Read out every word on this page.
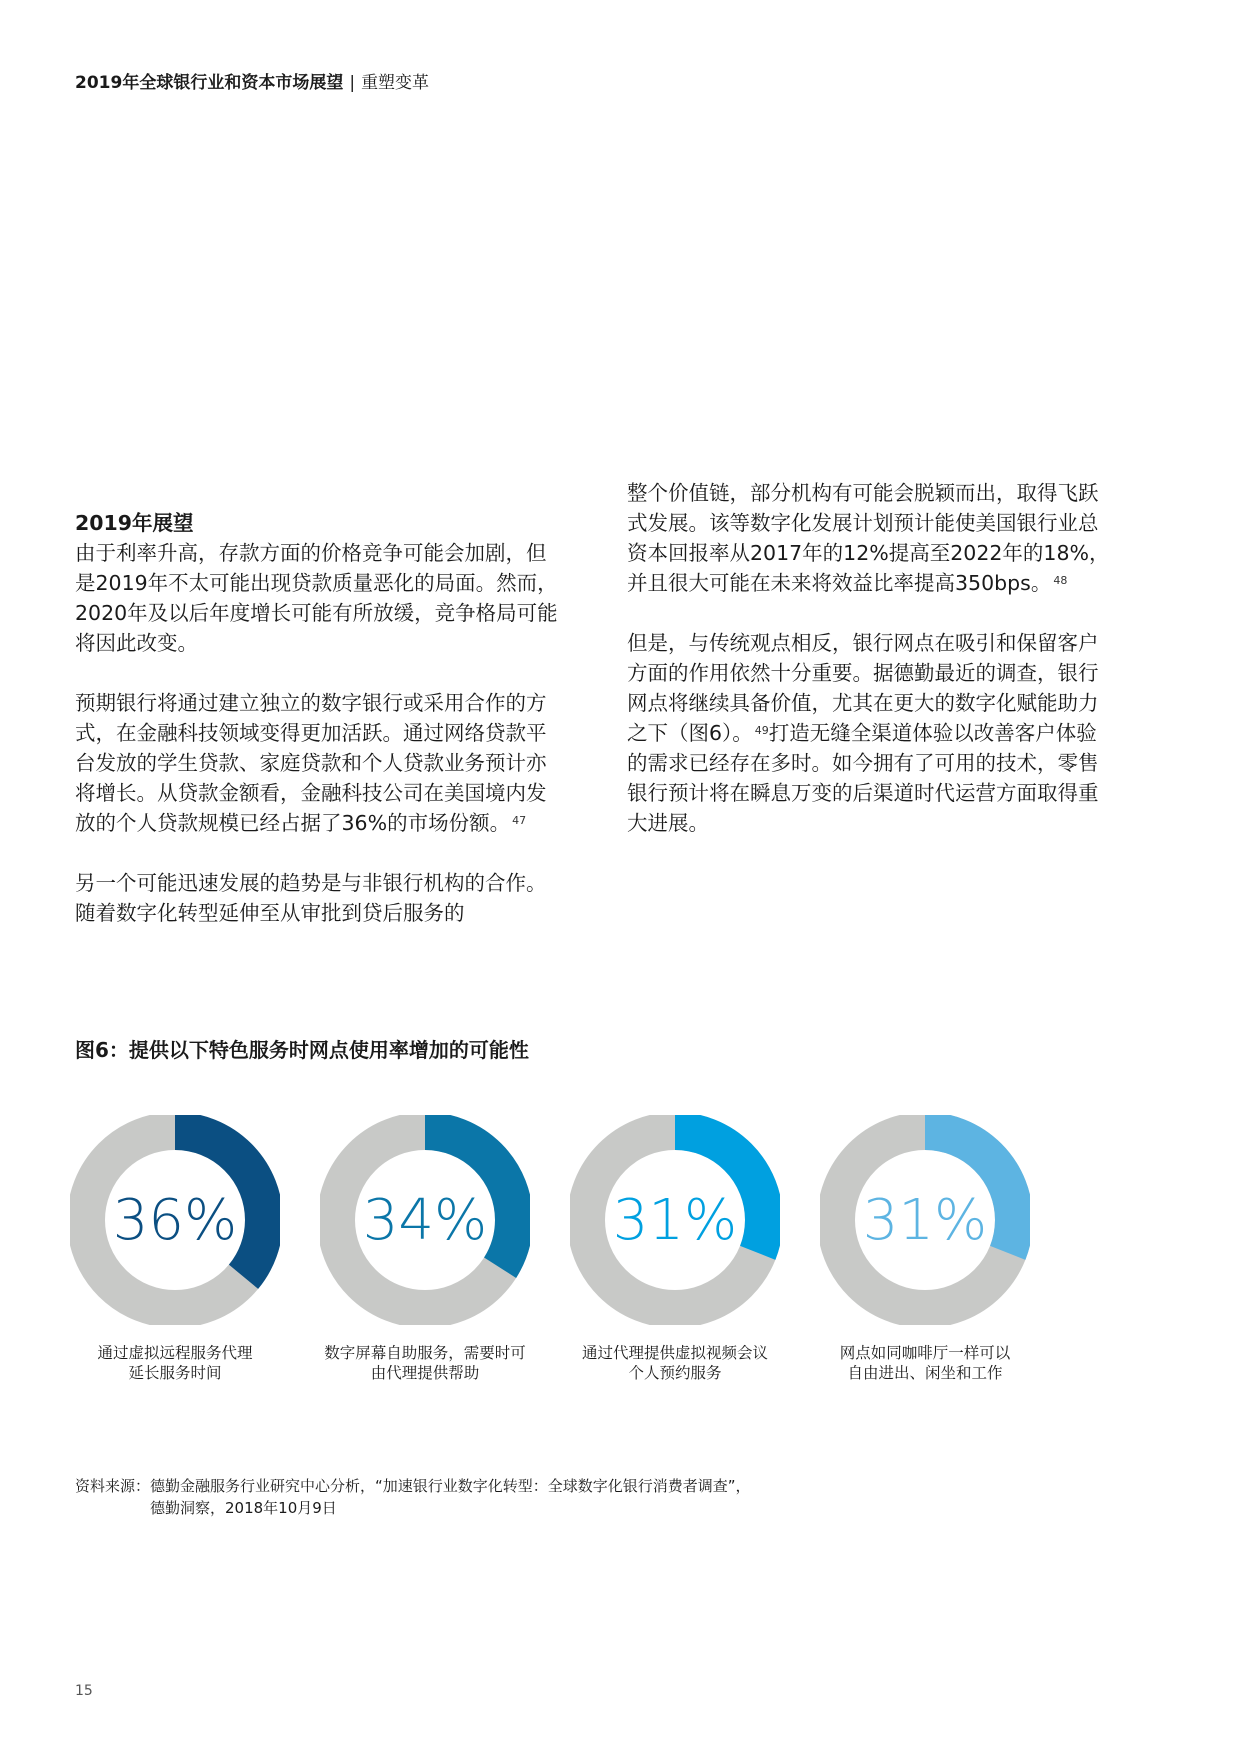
2019年全球银行业和资本市场展望 | 重塑变革
2019年展望

由于利率升高，存款方面的价格竞争可能会加剧，但是2019年不太可能出现贷款质量恶化的局面。然而，2020年及以后年度增长可能有所放缓，竞争格局可能将因此改变。

预期银行将通过建立独立的数字银行或采用合作的方式，在金融科技领域变得更加活跃。通过网络贷款平台发放的学生贷款、家庭贷款和个人贷款业务预计亦将增长。从贷款金额看，金融科技公司在美国境内发放的个人贷款规模已经占据了36%的市场份额。 $^{47}$

另一个可能迅速发展的趋势是与非银行机构的合作。随着数字化转型延伸至从审批到贷后服务的

整个价值链，部分机构有可能会脱颖而出，取得飞跃式发展。该等数字化发展计划预计能使美国银行业总资本回报率从2017年的12%提高至2022年的18%，并且很大可能在未来将效益比率提高350bps。 $^{48}$

但是，与传统观点相反，银行网点在吸引和保留客户方面的作用依然十分重要。据德勤最近的调查，银行网点将继续具备价值，尤其在更大的数字化赋能助力之下（图6）。 $^{49}$打造无缝全渠道体验以改善客户体验的需求已经存在多时。如今拥有了可用的技术，零售银行预计将在瞬息万变的后渠道时代运营方面取得重大进展。

图6：提供以下特色服务时网点使用率增加的可能性
36%
通过虚拟远程服务代理
延长服务时间
34%
数字屏幕自助服务，需要时可
由代理提供帮助
31%
通过代理提供虚拟视频会议
个人预约服务
31%
网点如同咖啡厅一样可以
自由进出、闲坐和工作
资料来源：德勤金融服务行业研究中心分析，“加速银行业数字化转型：全球数字化银行消费者调查”，
德勤洞察，2018年10月9日
15
